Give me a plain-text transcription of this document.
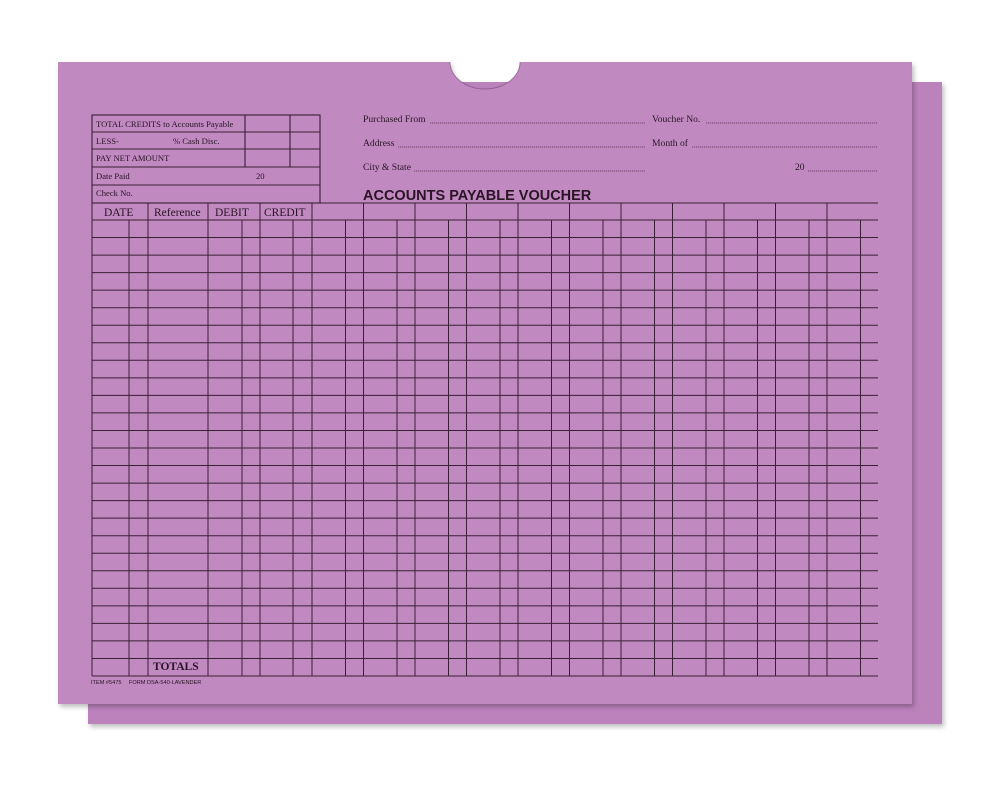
TOTAL CREDITS to Accounts Payable
LESS-	% Cash Disc.
PAY NET AMOUNT
Date Paid	20
Check No.
Purchased From	Voucher No.
Address	Month of
City & State	20
ACCOUNTS PAYABLE VOUCHER
DATE Reference DEBIT CREDIT
TOTALS
ITEM #5475 FORM DSA-540-LAVENDER
